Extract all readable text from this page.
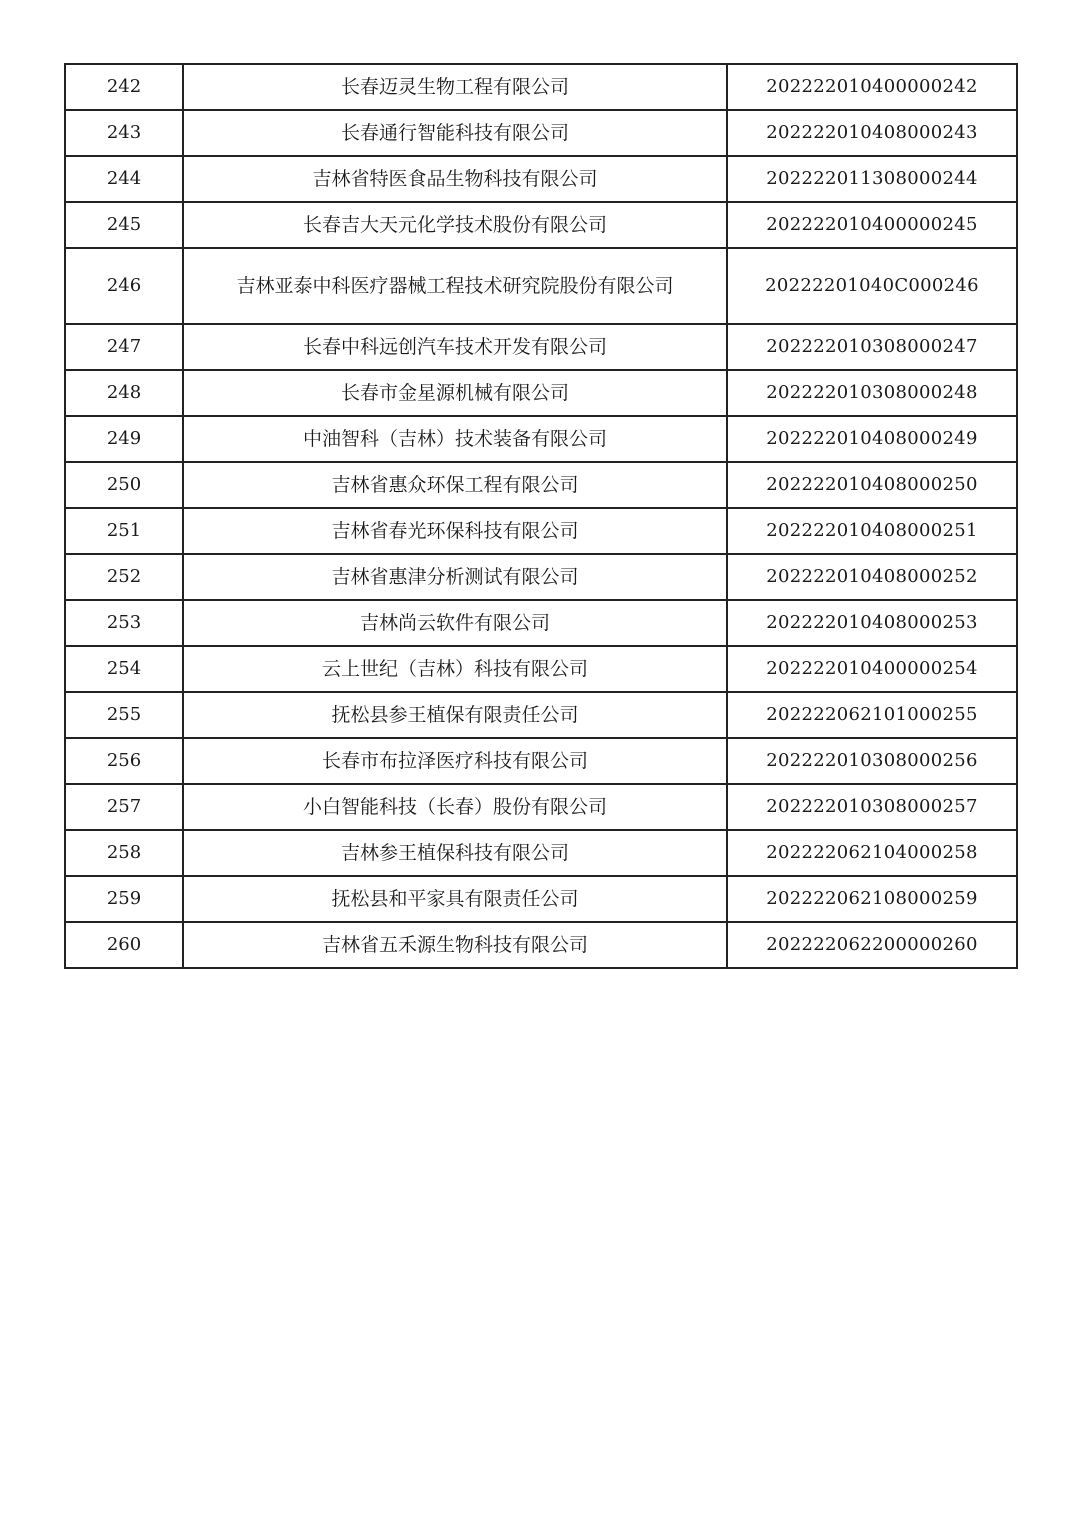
242	长春迈灵生物工程有限公司	202222010400000242
243	长春通行智能科技有限公司	202222010408000243
244	吉林省特医食品生物科技有限公司	202222011308000244
245	长春吉大天元化学技术股份有限公司	202222010400000245
246	吉林亚泰中科医疗器械工程技术研究院股份有限公司	20222201040C000246
247	长春中科远创汽车技术开发有限公司	202222010308000247
248	长春市金星源机械有限公司	202222010308000248
249	中油智科（吉林）技术装备有限公司	202222010408000249
250	吉林省惠众环保工程有限公司	202222010408000250
251	吉林省春光环保科技有限公司	202222010408000251
252	吉林省惠津分析测试有限公司	202222010408000252
253	吉林尚云软件有限公司	202222010408000253
254	云上世纪（吉林）科技有限公司	202222010400000254
255	抚松县参王植保有限责任公司	202222062101000255
256	长春市布拉泽医疗科技有限公司	202222010308000256
257	小白智能科技（长春）股份有限公司	202222010308000257
258	吉林参王植保科技有限公司	202222062104000258
259	抚松县和平家具有限责任公司	202222062108000259
260	吉林省五禾源生物科技有限公司	202222062200000260
